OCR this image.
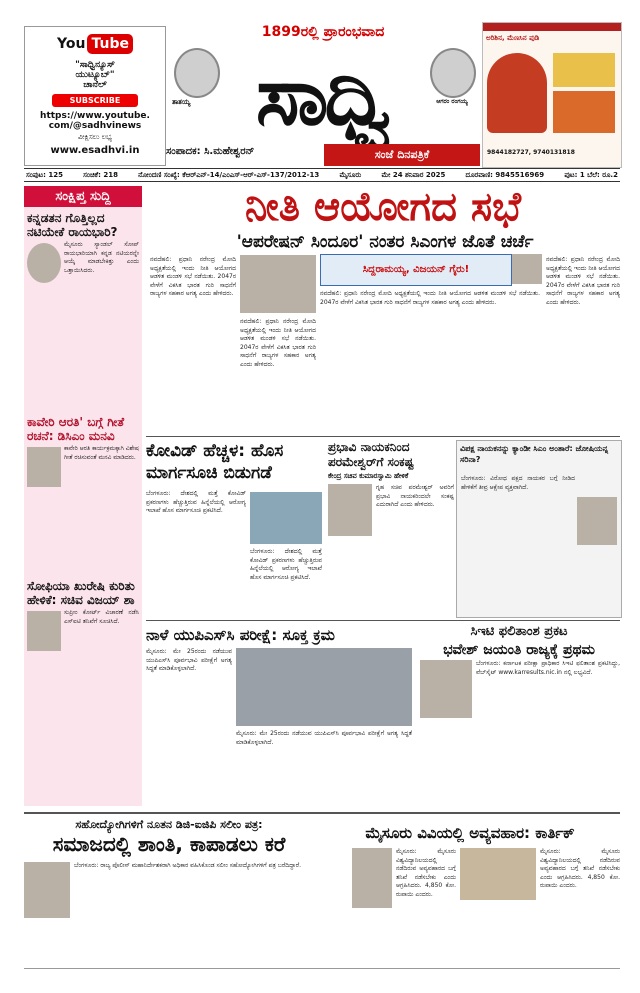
You Tube
"ಸಾಧ್ವಿನ್ಯೂಸ್
ಯುಟ್ಯೂಬ್"
ಚಾನೆಲ್
SUBSCRIBE
https://www.youtube.
com/@sadhvinews
ವೀಕ್ಷಿಸಲು ಲಭ್ಯ
www.esadhvi.in
1899ರಲ್ಲಿ ಪ್ರಾರಂಭವಾದ
ತಾತಯ್ಯ ಸಾಧ್ವಿ	ಆಗರಂ ರಂಗಯ್ಯ
ಸಂಪಾದಕ: ಸಿ.ಮಹೇಶ್ವರನ್	ಸಂಜೆ ದಿನಪತ್ರಿಕೆ
ಅರಿಶಿನ, ಮೆಣಸಿನ ಪುಡಿ
9844182727, 9740131818
ಸಂಪುಟ: 125	ಸಂಚಿಕೆ: 218	ನೋಂದಣಿ ಸಂಖ್ಯೆ: ಕೆಆರ್‌ಎನ್-14/ಎಂಎಸ್-ಆರ್-ಎಸ್-137/2012-13	ಮೈಸೂರು	ಮೇ 24 ಶನಿವಾರ 2025	ದೂರವಾಣಿ: 9845516969	ಪುಟ: 1 ಬೆಲೆ: ರೂ.2
ಸಂಕ್ಷಿಪ್ತ ಸುದ್ದಿ
ಕನ್ನಡತನ ಗೊತ್ತಿಲ್ಲದ ನಟಿಯೇಕೆ ರಾಯಭಾರಿ?
ಮೈಸೂರು ಸ್ಯಾಂಡಲ್ ಸೋಪ್ ರಾಯಭಾರಿಯಾಗಿ ಕನ್ನಡ ನಟಿಯರನ್ನೇ ಆಯ್ಕೆ ಮಾಡಬೇಕಿತ್ತು ಎಂದು ಒತ್ತಾಯಿಸಿದರು.
ಕಾವೇರಿ ಆರತಿ' ಬಗ್ಗೆ ಗೀತೆ ರಚನೆ: ಡಿಸಿಎಂ ಮನವಿ
ಕಾವೇರಿ ಆರತಿ ಕಾರ್ಯಕ್ರಮಕ್ಕಾಗಿ ವಿಶೇಷ ಗೀತೆ ರಚಿಸುವಂತೆ ಮನವಿ ಮಾಡಿದರು.
ಸೋಫಿಯಾ ಖುರೇಷಿ ಕುರಿತು ಹೇಳಿಕೆ: ಸಚಿವ ವಿಜಯ್ ಶಾ
ಸುಪ್ರೀಂ ಕೋರ್ಟ್ ವಿಚಾರಣೆ ನಡೆಸಿ ಎಸ್‌ಐಟಿ ತನಿಖೆಗೆ ಸೂಚಿಸಿದೆ.
ನೀತಿ ಆಯೋಗದ ಸಭೆ
'ಆಪರೇಷನ್ ಸಿಂದೂರ' ನಂತರ ಸಿಎಂಗಳ ಜೊತೆ ಚರ್ಚೆ
ಸಿದ್ದರಾಮಯ್ಯ, ವಿಜಯನ್ ಗೈರು!
ನವದೆಹಲಿ: ಪ್ರಧಾನಿ ನರೇಂದ್ರ ಮೋದಿ ಅಧ್ಯಕ್ಷತೆಯಲ್ಲಿ ಇಂದು ನೀತಿ ಆಯೋಗದ ಆಡಳಿತ ಮಂಡಳಿ ಸಭೆ ನಡೆಯಿತು. 2047ರ ವೇಳೆಗೆ ವಿಕಸಿತ ಭಾರತ ಗುರಿ ಸಾಧನೆಗೆ ರಾಜ್ಯಗಳ ಸಹಕಾರ ಅಗತ್ಯ ಎಂದು ಹೇಳಿದರು.
ನವದೆಹಲಿ: ಪ್ರಧಾನಿ ನರೇಂದ್ರ ಮೋದಿ ಅಧ್ಯಕ್ಷತೆಯಲ್ಲಿ ಇಂದು ನೀತಿ ಆಯೋಗದ ಆಡಳಿತ ಮಂಡಳಿ ಸಭೆ ನಡೆಯಿತು. 2047ರ ವೇಳೆಗೆ ವಿಕಸಿತ ಭಾರತ ಗುರಿ ಸಾಧನೆಗೆ ರಾಜ್ಯಗಳ ಸಹಕಾರ ಅಗತ್ಯ ಎಂದು ಹೇಳಿದರು.
ನವದೆಹಲಿ: ಪ್ರಧಾನಿ ನರೇಂದ್ರ ಮೋದಿ ಅಧ್ಯಕ್ಷತೆಯಲ್ಲಿ ಇಂದು ನೀತಿ ಆಯೋಗದ ಆಡಳಿತ ಮಂಡಳಿ ಸಭೆ ನಡೆಯಿತು. 2047ರ ವೇಳೆಗೆ ವಿಕಸಿತ ಭಾರತ ಗುರಿ ಸಾಧನೆಗೆ ರಾಜ್ಯಗಳ ಸಹಕಾರ ಅಗತ್ಯ ಎಂದು ಹೇಳಿದರು.
ನವದೆಹಲಿ: ಪ್ರಧಾನಿ ನರೇಂದ್ರ ಮೋದಿ ಅಧ್ಯಕ್ಷತೆಯಲ್ಲಿ ಇಂದು ನೀತಿ ಆಯೋಗದ ಆಡಳಿತ ಮಂಡಳಿ ಸಭೆ ನಡೆಯಿತು. 2047ರ ವೇಳೆಗೆ ವಿಕಸಿತ ಭಾರತ ಗುರಿ ಸಾಧನೆಗೆ ರಾಜ್ಯಗಳ ಸಹಕಾರ ಅಗತ್ಯ ಎಂದು ಹೇಳಿದರು.
ಕೋವಿಡ್ ಹೆಚ್ಚಳ: ಹೊಸ ಮಾರ್ಗಸೂಚಿ ಬಿಡುಗಡೆ
ಬೆಂಗಳೂರು: ದೇಶದಲ್ಲಿ ಮತ್ತೆ ಕೋವಿಡ್ ಪ್ರಕರಣಗಳು ಹೆಚ್ಚುತ್ತಿರುವ ಹಿನ್ನೆಲೆಯಲ್ಲಿ ಆರೋಗ್ಯ ಇಲಾಖೆ ಹೊಸ ಮಾರ್ಗಸೂಚಿ ಪ್ರಕಟಿಸಿದೆ.
ಬೆಂಗಳೂರು: ದೇಶದಲ್ಲಿ ಮತ್ತೆ ಕೋವಿಡ್ ಪ್ರಕರಣಗಳು ಹೆಚ್ಚುತ್ತಿರುವ ಹಿನ್ನೆಲೆಯಲ್ಲಿ ಆರೋಗ್ಯ ಇಲಾಖೆ ಹೊಸ ಮಾರ್ಗಸೂಚಿ ಪ್ರಕಟಿಸಿದೆ.
ಪ್ರಭಾವಿ ನಾಯಕನಿಂದ ಪರಮೇಶ್ವರ್‌ಗೆ ಸಂಕಷ್ಟ
ಕೇಂದ್ರ ಸಚಿವ ಕುಮಾರಸ್ವಾಮಿ ಹೇಳಿಕೆ
ಗೃಹ ಸಚಿವ ಪರಮೇಶ್ವರ್ ಅವರಿಗೆ ಪ್ರಭಾವಿ ನಾಯಕರಿಂದಲೇ ಸಂಕಷ್ಟ ಎದುರಾಗಿದೆ ಎಂದು ಹೇಳಿದರು.
ವಿಪಕ್ಷ ನಾಯಕನನ್ನು ಕ್ಯಾಂಡೀ ಸಿಎಂ ಅಂತಾರೆ: ಜೋಷಿಯನ್ನ ಸರಿನಾ?
ಬೆಂಗಳೂರು: ವಿರೋಧ ಪಕ್ಷದ ನಾಯಕರ ಬಗ್ಗೆ ನೀಡಿದ ಹೇಳಿಕೆಗೆ ತೀವ್ರ ಆಕ್ಷೇಪ ವ್ಯಕ್ತವಾಗಿದೆ.
ನಾಳೆ ಯುಪಿಎಸ್‌ಸಿ ಪರೀಕ್ಷೆ: ಸೂಕ್ತ ಕ್ರಮ
ಮೈಸೂರು: ಮೇ 25ರಂದು ನಡೆಯುವ ಯುಪಿಎಸ್‌ಸಿ ಪೂರ್ವಭಾವಿ ಪರೀಕ್ಷೆಗೆ ಅಗತ್ಯ ಸಿದ್ಧತೆ ಮಾಡಿಕೊಳ್ಳಲಾಗಿದೆ.
ಮೈಸೂರು: ಮೇ 25ರಂದು ನಡೆಯುವ ಯುಪಿಎಸ್‌ಸಿ ಪೂರ್ವಭಾವಿ ಪರೀಕ್ಷೆಗೆ ಅಗತ್ಯ ಸಿದ್ಧತೆ ಮಾಡಿಕೊಳ್ಳಲಾಗಿದೆ.
ಸಿಇಟಿ ಫಲಿತಾಂಶ ಪ್ರಕಟ
ಭವೇಶ್ ಜಯಂತಿ ರಾಜ್ಯಕ್ಕೆ ಪ್ರಥಮ
ಬೆಂಗಳೂರು: ಕರ್ನಾಟಕ ಪರೀಕ್ಷಾ ಪ್ರಾಧಿಕಾರ ಸಿಇಟಿ ಫಲಿತಾಂಶ ಪ್ರಕಟಿಸಿದ್ದು, ವೆಬ್‌ಸೈಟ್ www.karresults.nic.in ನಲ್ಲಿ ಲಭ್ಯವಿದೆ.
ಸಹೋದ್ಯೋಗಿಗಳಿಗೆ ನೂತನ ಡಿಜಿ-ಐಜಿಪಿ ಸಲೀಂ ಪತ್ರ:
ಸಮಾಜದಲ್ಲಿ ಶಾಂತಿ, ಕಾಪಾಡಲು ಕರೆ
ಬೆಂಗಳೂರು: ರಾಜ್ಯ ಪೊಲೀಸ್ ಮಹಾನಿರ್ದೇಶಕರಾಗಿ ಅಧಿಕಾರ ವಹಿಸಿಕೊಂಡ ಸಲೀಂ ಸಹೋದ್ಯೋಗಿಗಳಿಗೆ ಪತ್ರ ಬರೆದಿದ್ದಾರೆ.
ಮೈಸೂರು ವಿವಿಯಲ್ಲಿ ಅವ್ಯವಹಾರ: ಕಾರ್ತಿಕ್
ಮೈಸೂರು: ಮೈಸೂರು ವಿಶ್ವವಿದ್ಯಾನಿಲಯದಲ್ಲಿ ನಡೆದಿರುವ ಅವ್ಯವಹಾರದ ಬಗ್ಗೆ ತನಿಖೆ ನಡೆಸಬೇಕು ಎಂದು ಆಗ್ರಹಿಸಿದರು. 4,850 ಕೋ. ರುಪಾಯಿ ಎಂದರು.
ಮೈಸೂರು: ಮೈಸೂರು ವಿಶ್ವವಿದ್ಯಾನಿಲಯದಲ್ಲಿ ನಡೆದಿರುವ ಅವ್ಯವಹಾರದ ಬಗ್ಗೆ ತನಿಖೆ ನಡೆಸಬೇಕು ಎಂದು ಆಗ್ರಹಿಸಿದರು. 4,850 ಕೋ. ರುಪಾಯಿ ಎಂದರು.
